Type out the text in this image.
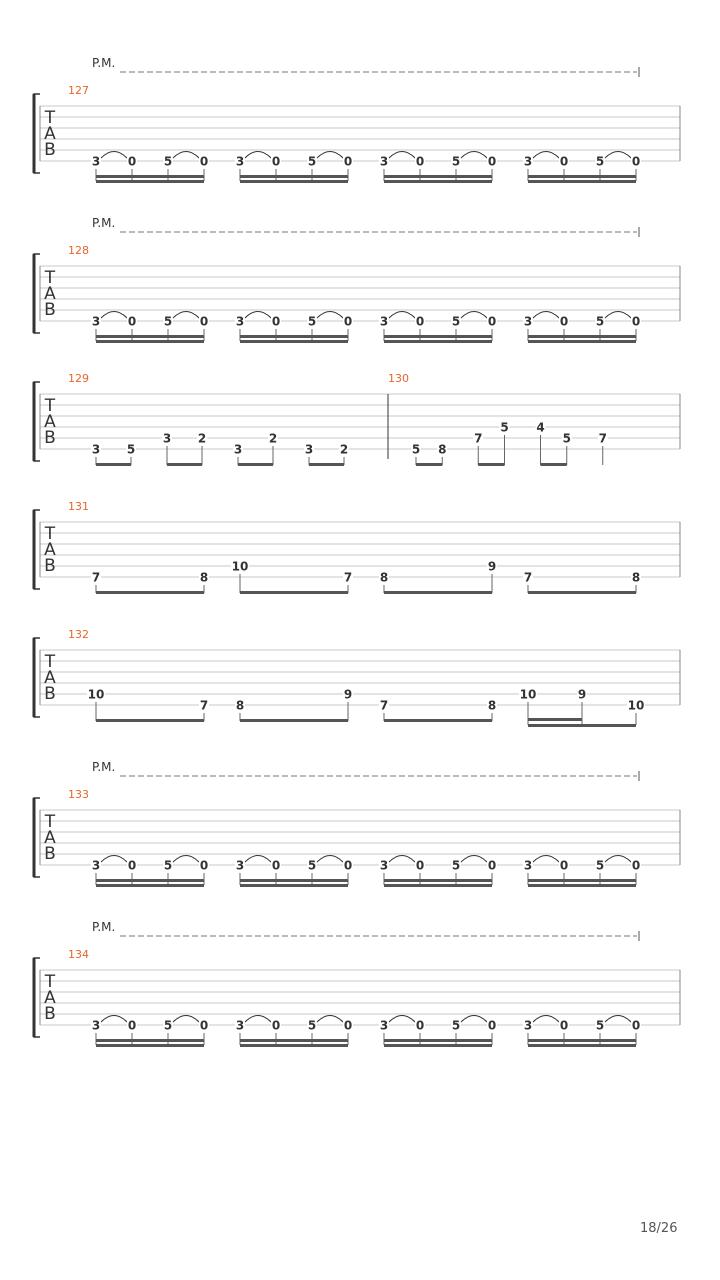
T
A
B
P.M.
127
3 0 5 0 3 0 5 0 3 0 5 0 3 0 5 0
T
A
B
P.M.
128
3 0 5 0 3 0 5 0 3 0 5 0 3 0 5 0
T
A
B
129
3 5
3 2
3
2
3 2
130
5 8
7
5 4
5 7
T
A
B
131
7	8
10
7 8
9
7	8
T
A
B
132
10
7 8
9
7	8
10	9
10
T
A
B
P.M.
133
3 0 5 0 3 0 5 0 3 0 5 0 3 0 5 0
T
A
B
P.M.
134
3 0 5 0 3 0 5 0 3 0 5 0 3 0 5 0
18/26
